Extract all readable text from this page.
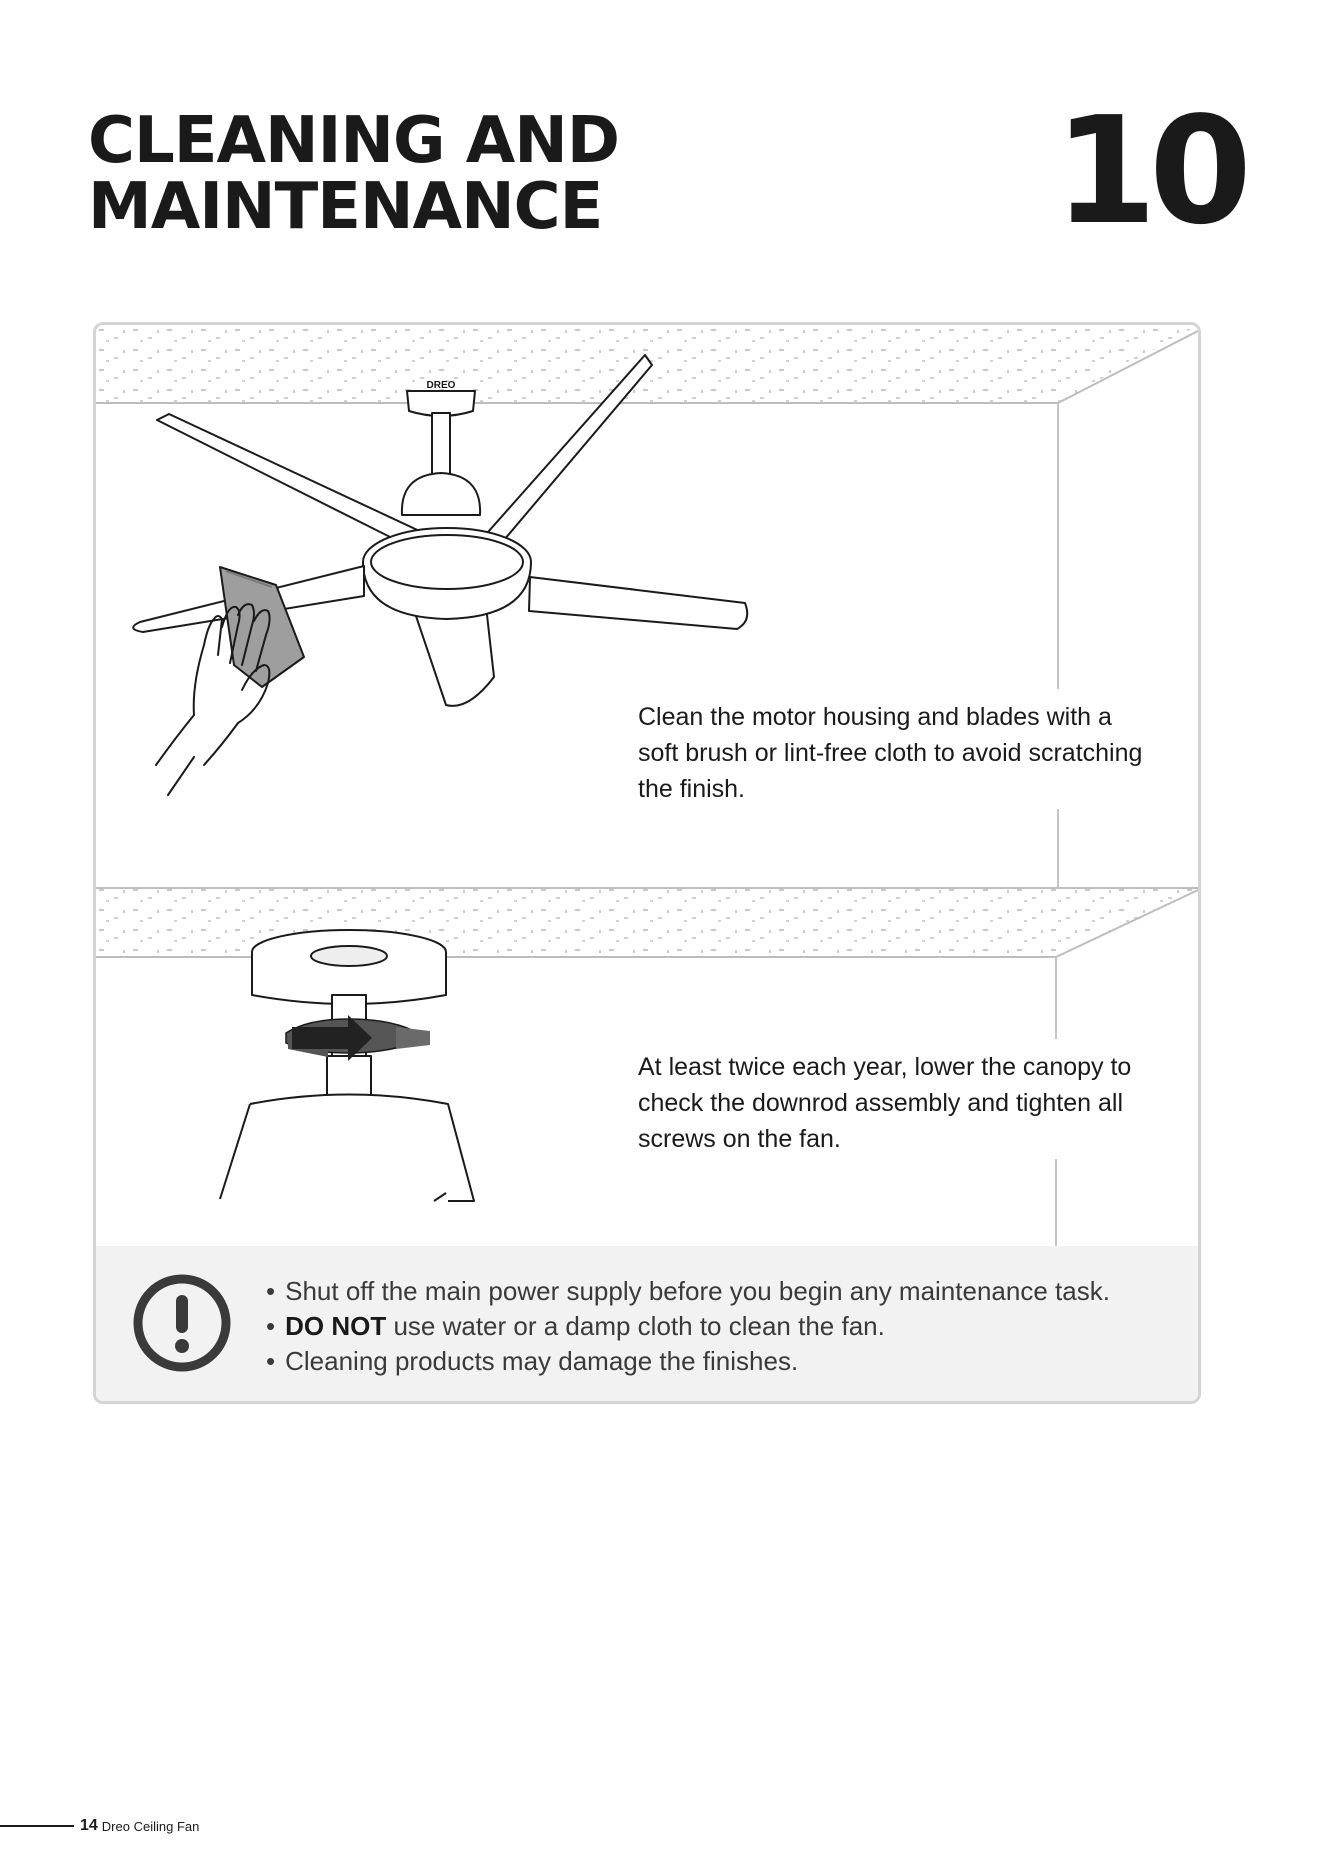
CLEANING AND
MAINTENANCE	10
DREO

Clean the motor housing and blades with a soft brush or lint-free cloth to avoid scratching the finish.

At least twice each year, lower the canopy to check the downrod assembly and tighten all screws on the fan.

• Shut off the main power supply before you begin any maintenance task.
• DO NOT use water or a damp cloth to clean the fan.
• Cleaning products may damage the finishes.
14 Dreo Ceiling Fan
